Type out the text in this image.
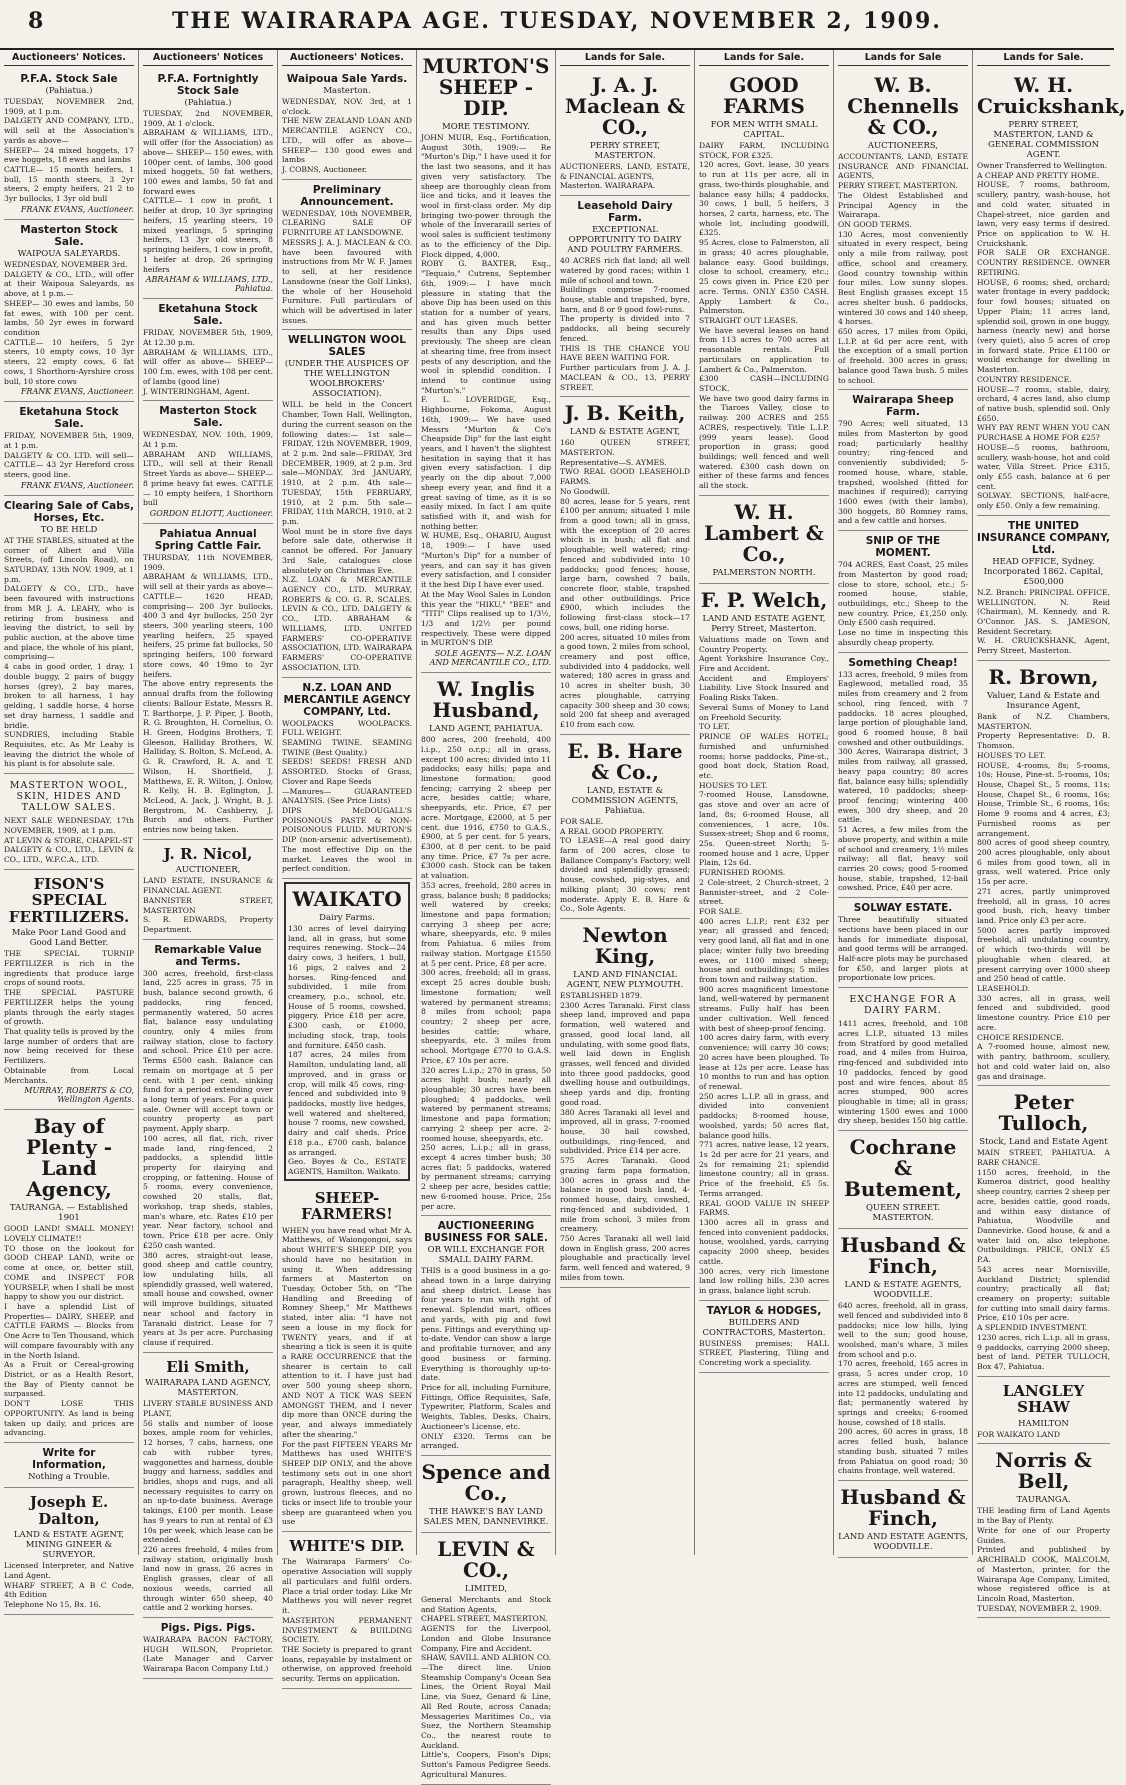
8	THE WAIRARAPA AGE. TUESDAY, NOVEMBER 2, 1909.
Auctioneers' Notices.
P.F.A. Stock Sale
(Pahiatua.)

TUESDAY, NOVEMBER 2nd, 1909, at 1 p.m.

DALGETY AND COMPANY, LTD., will sell at the Association's yards as above—

SHEEP— 24 mixed hoggets, 17 ewe hoggets, 18 ewes and lambs

CATTLE— 15 month heifers, 1 bull, 15 month steers, 3 2yr steers, 2 empty heifers, 21 2 to 3yr bullocks, 1 3yr old bull

FRANK EVANS, Auctioneer.
Masterton Stock Sale.
WAIPOUA SALEYARDS.

WEDNESDAY, NOVEMBER 3rd.

DALGETY & CO., LTD., will offer at their Waipoua Saleyards, as above, at 1 p.m.—

SHEEP— 30 ewes and lambs, 50 fat ewes, with 100 per cent. lambs, 50 2yr ewes in forward condition

CATTLE— 10 heifers, 5 2yr steers, 10 empty cows, 10 3yr steers, 22 empty cows, 6 fat cows, 1 Shorthorn-Ayrshire cross bull, 10 store cows

FRANK EVANS, Auctioneer.
Eketahuna Stock Sale.

FRIDAY, NOVEMBER 5th, 1909, at 1 p.m.

DALGETY & CO. LTD. will sell— CATTLE— 43 2yr Hereford cross steers, good line.

FRANK EVANS, Auctioneer.
Clearing Sale of Cabs, Horses, Etc.
TO BE HELD

AT THE STABLES, situated at the corner of Albert and Villa Streets, (off Lincoln Road), on SATURDAY, 13th NOV. 1909, at 1 p.m.

DALGETY & CO., LTD., have been favoured with instructions from MR J. A. LEAHY, who is retiring from business and leaving the district, to sell by public auction, at the above time and place, the whole of his plant, comprising—

4 cabs in good order, 1 dray, 1 double buggy, 2 pairs of buggy horses (grey), 2 bay mares, broken to all harness, 1 hay gelding, 1 saddle horse, 4 horse set dray harness, 1 saddle and bridle.

SUNDRIES, including Stable Requisites, etc. As Mr Leahy is leaving the district the whole of his plant is for absolute sale.

MASTERTON WOOL, SKIN, HIDES AND TALLOW SALES.

NEXT SALE WEDNESDAY, 17th NOVEMBER, 1909, at 1 p.m.

AT LEVIN & STORE, CHAPEL-ST

DALGETY & CO., LTD., LEVIN & CO., LTD., W.F.C.A., LTD.

FISON'S SPECIAL FERTILIZERS.
Make Poor Land Good and Good Land Better.

THE SPECIAL TURNIP FERTILIZER is rich in the ingredients that produce large crops of sound roots.

THE SPECIAL PASTURE FERTILIZER helps the young plants through the early stages of growth.

That quality tells is proved by the large number of orders that are now being received for these Fertilizers.

Obtainable from Local Merchants.

MURRAY, ROBERTS & CO, Wellington Agents.
Bay of Plenty - Land Agency,
TAURANGA. — Established 1901

GOOD LAND! SMALL MONEY! LOVELY CLIMATE!!

TO those on the lookout for GOOD CHEAP LAND, write or come at once, or, better still, COME and INSPECT FOR YOURSELF, when I shall be most happy to show you our district.

I have a splendid List of Properties— DAIRY, SHEEP, and CATTLE FARMS — Blocks from One Acre to Ten Thousand, which will compare favourably with any in the North Island.

As a Fruit or Cereal-growing District, or as a Health Resort, the Bay of Plenty cannot be surpassed.

DON'T LOSE THIS OPPORTUNITY. As land is being taken up daily, and prices are advancing.

Write for Information,
Nothing a Trouble.
Joseph E. Dalton,
LAND & ESTATE AGENT, MINING GINEER & SURVEYOR.

Licensed Interpreter, and Native Land Agent.

WHARF STREET, A B C Code, 4th Edition

Telephone No 15, Bx. 16.

Auctioneers' Notices
P.F.A. Fortnightly Stock Sale
(Pahiatua.)

TUESDAY, 2nd NOVEMBER, 1909, At 1 o'clock.

ABRAHAM & WILLIAMS, LTD., will offer (for the Association) as above— SHEEP— 150 ewes, with 100per cent. of lambs, 300 good mixed hoggets, 50 fat wethers, 100 ewes and lambs, 50 fat and forward ewes

CATTLE— 1 cow in profit, 1 heifer at drop, 10 3yr springing heifers, 15 yearling steers, 10 mixed yearlings, 5 springing heifers, 13 3yr old steers, 8 springing heifers, 1 cow in profit, 1 heifer at drop, 26 springing heifers

ABRAHAM & WILLIAMS, LTD., Pahiatua.
Eketahuna Stock Sale.

FRIDAY, NOVEMBER 5th, 1909, At 12.30 p.m.

ABRAHAM & WILLIAMS, LTD., will offer as above— SHEEP— 100 f.m. ewes, with 108 per cent. of lambs (good line)

J. WINTERINGHAM, Agent.

Masterton Stock Sale.

WEDNESDAY, NOV. 10th, 1909, At 1 p.m.

ABRAHAM AND WILLIAMS, LTD., will sell at their Renall Street Yards as above— SHEEP— 8 prime heavy fat ewes. CATTLE— 10 empty heifers, 1 Shorthorn bull

GORDON ELIOTT, Auctioneer.
Pahiatua Annual Spring Cattle Fair.

THURSDAY, 11th NOVEMBER, 1909.

ABRAHAM & WILLIAMS, LTD., will sell at their yards as above— CATTLE— 1620 HEAD, comprising— 200 3yr bullocks, 400 3 and 4yr bullocks, 250 2yr steers, 300 yearling steers, 100 yearling heifers, 25 spayed heifers, 25 prime fat bullocks, 50 springing heifers, 100 forward store cows, 40 19mo to 2yr heifers.

The above entry represents the annual drafts from the following clients: Ballour Estate, Messrs R. T. Barthorpe, J. P. Piper, J. Booth, R. G. Broughton, H. Cornelius, O. H. Green, Hodgins Brothers, T. Gleeson, Halliday Brothers, W. Halliday, S. Bolton, S. McLeod, A. G. R. Crawford, R. A. and T. Wilson, H. Shortfield, J. Matthews, E. R. Wilton, J. Onlow, R. Kelly, H. B. Eglington, J. McLeod, A. Jack, J. Wright, B. J. Bergstrom, M. Cashberry, J. Burch and others. Further entries now being taken.

J. R. Nicol,
AUCTIONEER,

LAND ESTATE, INSURANCE & FINANCIAL AGENT.

BANNISTER STREET, MASTERTON

S. R. EDWARDS, Property Department.

Remarkable Value and Terms.

300 acres, freehold, first-class land, 225 acres in grass, 75 in bush, balance second growth, 6 paddocks, ring fenced, permanently watered, 50 acres flat, balance easy undulating country, only 4 miles from railway station, close to factory and school. Price £10 per acre. Terms £500 cash. Balance can remain on mortgage at 5 per cent. with 1 per cent. sinking fund for a period extending over a long term of years. For a quick sale. Owner will accept town or country property as part payment. Apply sharp.

100 acres, all flat, rich, river made land, ring-fenced, 2 paddocks, a splendid little property for dairying and cropping, or fattening. House of 5 rooms, every convenience, cowshed 20 stalls, flat, workshop, trap sheds, stables, man's whare, etc. Rates £10 per year. Near factory, school and town. Price £18 per acre. Only £250 cash wanted.

380 acres, straight-out lease, good sheep and cattle country, low undulating hills, all splendidly grassed, well watered, small house and cowshed, owner will improve buildings, situated near school and factory in Taranaki district. Lease for 7 years at 3s per acre. Purchasing clause if required.

Eli Smith,
WAIRARAPA LAND AGENCY, MASTERTON.

LIVERY STABLE BUSINESS AND PLANT,

56 stalls and number of loose boxes, ample room for vehicles, 12 horses, 7 cabs, harness, one cab with rubber tyres, waggonettes and harness, double buggy and harness, saddles and bridles, shops and rugs, and all necessary requisites to carry on an up-to-date business. Average takings, £100 per month. Lease has 9 years to run at rental of £3 10s per week, which lease can be extended.

226 acres freehold, 4 miles from railway station, originally bush land now in grass, 26 acres in English grasses, clear of all noxious weeds, carried all through winter 650 sheep, 40 cattle and 2 working horses.

Pigs. Pigs. Pigs.

WAIRARAPA BACON FACTORY, HUGH WILSON, Proprietor. (Late Manager and Carver Wairarapa Bacon Company Ltd.)

Auctioneers' Notices.
Waipoua Sale Yards.
Masterton.

WEDNESDAY, NOV. 3rd, at 1 o'clock.

THE NEW ZEALAND LOAN AND MERCANTILE AGENCY CO., LTD., will offer as above— SHEEP— 130 good ewes and lambs

J. COBNS, Auctioneer.

Preliminary Announcement.

WEDNESDAY, 10th NOVEMBER, CLEARING SALE OF FURNITURE AT LANSDOWNE.

MESSRS J. A. J. MACLEAN & CO. have been favoured with instructions from Mr W. F. James to sell, at her residence Lansdowne (near the Golf Links), the whole of her Household Furniture. Full particulars of which will be advertised in later issues.

WELLINGTON WOOL SALES
(UNDER THE AUSPICES OF THE WELLINGTON WOOLBROKERS' ASSOCIATION).

WILL be held in the Concert Chamber, Town Hall, Wellington, during the current season on the following dates:— 1st sale—FRIDAY, 12th NOVEMBER, 1909, at 2 p.m. 2nd sale—FRIDAY, 3rd DECEMBER, 1909, at 2 p.m. 3rd sale—MONDAY, 3rd JANUARY, 1910, at 2 p.m. 4th sale—TUESDAY, 15th FEBRUARY, 1910, at 2 p.m. 5th sale—FRIDAY, 11th MARCH, 1910, at 2 p.m.

Wool must be in store five days before sale date, otherwise it cannot be offered. For January 3rd Sale, catalogues close absolutely on Christmas Eve.

N.Z. LOAN & MERCANTILE AGENCY CO., LTD. MURRAY, ROBERTS & CO. G. R. SCALES. LEVIN & CO., LTD. DALGETY & CO., LTD. ABRAHAM & WILLIAMS, LTD. UNITED FARMERS' CO-OPERATIVE ASSOCIATION, LTD. WAIRARAPA FARMERS' CO-OPERATIVE ASSOCIATION, LTD.

N.Z. LOAN AND MERCANTILE AGENCY COMPANY, Ltd.

WOOLPACKS WOOLPACKS. FULL WEIGHT.

SEAMING TWINE. SEAMING TWINE (Best Quality.)

SEEDS! SEEDS! FRESH AND ASSORTED. Stocks of Grass, Clover and Rape Seeds

—Manures— GUARANTEED ANALYSIS. (See Price Lists)

DIPS McDOUGALL'S POISONOUS PASTE & NON-POISONOUS FLUID. MURTON'S DIP (non-arsenic advertisement). The most effective Dip on the market. Leaves the wool in perfect condition.

WAIKATO
Dairy Farms.

130 acres of level dairying land, all in grass, but some requires renewing. Stock—24 dairy cows, 3 heifers, 1 bull, 16 pigs, 2 calves and 2 horses. Ring-fenced and subdivided, 1 mile from creamery, p.o., school, etc. House of 5 rooms, cowshed, piggery. Price £18 per acre, £300 cash, or £1000, including stock, trap, tools and furniture. £450 cash.

187 acres, 24 miles from Hamilton, undulating land, all improved, and in grass or crop, will milk 45 cows, ring-fenced and subdivided into 9 paddocks, mostly live hedges, well watered and sheltered, house 7 rooms, new cowshed, dairy and calf sheds. Price £18 p.a., £700 cash, balance as arranged.

Geo. Boyes & Co., ESTATE AGENTS, Hamilton. Waikato.

SHEEP-FARMERS!

WHEN you have read what Mr A. Matthews, of Waiongongoi, says about WHITE'S SHEEP DIP, you should have no hesitation in using it. When addressing farmers at Masterton on Tuesday, October 5th, on "The Handling and Breeding of Romney Sheep," Mr Matthews stated, inter alia: "I have not seen a louse in my flock for TWENTY years, and if at shearing a tick is seen it is quite a RARE OCCURRENCE that the shearer is certain to call attention to it. I have just had over 500 young sheep shorn, AND NOT A TICK WAS SEEN AMONGST THEM, and I never dip more than ONCE during the year, and always immediately after the shearing."

For the past FIFTEEN YEARS Mr Matthews has used WHITE'S SHEEP DIP ONLY, and the above testimony sets out in one short paragraph, Healthy sheep, well grown, lustrous fleeces, and no ticks or insect life to trouble your sheep are guaranteed when you use

WHITE'S DIP.

The Wairarapa Farmers' Co-operative Association will supply all particulars and fulfil orders. Place a trial order today. Like Mr Matthews you will never regret it.

MASTERTON PERMANENT INVESTMENT & BUILDING SOCIETY.

THE Society is prepared to grant loans, repayable by instalment or otherwise, on approved freehold security. Terms on application.

MURTON'S SHEEP - DIP.
MORE TESTIMONY.

JOHN MUIR, Esq., Fortification, August 30th, 1909:— Re "Murton's Dip," I have used it for the last two seasons, and it has given very satisfactory. The sheep are thoroughly clean from lice and ticks, and it leaves the wool in first-class order. My dip bringing two-power through the whole of the Inveraraill series of wool sales is sufficient testimony as to the efficiency of the Dip. Flock dipped, 4,000.

ROBY G. BAXTER, Esq., "Tequaio," Cutrens, September 6th, 1909:— I have much pleasure in stating that the above Dip has been used on this station for a number of years, and has given much better results than any Dips used previously. The sheep are clean at shearing time, free from insect pests of any description, and the wool in splendid condition. I intend to continue using "Murton's."

F. L. LOVERIDGE, Esq., Highbourne, Fokoma, August 16th, 1909:— We have used Messrs "Murton & Co's Cheapside Dip" for the last eight years, and I haven't the slightest hesitation in saying that it has given every satisfaction. I dip yearly on the dip about 7,000 sheep every year, and find it a great saving of time, as it is so easily mixed. In fact I am quite satisfied with it, and wish for nothing better.

W. HUME, Esq., OHARIU, August 18, 1909:— I have used "Murton's Dip" for a number of years, and can say it has given every satisfaction, and I consider it the best Dip I have ever used.

At the May Wool Sales in London this year the "HIKU," "BEE" and "TITI" Clips realised up to 1/3½, 1/3 and 1/2½ per pound respectively. These were dipped in MURTON'S DIP.

SOLE AGENTS— N.Z. LOAN AND MERCANTILE CO., LTD.
W. Inglis Husband,
LAND AGENT, PAHIATUA.

800 acres, 200 freehold, 400 l.i.p., 250 o.r.p.; all in grass, except 100 acres; divided into 11 paddocks; easy hills; papa and limestone formation; good fencing; carrying 2 sheep per acre, besides cattle; whare, sheepyards, etc. Price, £7 per acre. Mortgage, £2000, at 5 per cent. due 1916, £750 to G.A.S., £900, at 5 per cent. for 5 years, £300, at 8 per cent. to be paid any time. Price, £7 7s per acre. £3000 cash. Stock can be taken at valuation.

353 acres, freehold, 280 acres in grass, balance bush; 8 paddocks; well watered by creeks; limestone and papa formation; carrying 3 sheep per acre; whare, sheepyards, etc. 9 miles from Pahiatua. 6 miles from railway station. Mortgage £1550 at 5 per cent. Price, £8 per acre.

300 acres, freehold; all in grass, except 25 acres double bush; limestone formation; well watered by permanent streams; 8 miles from school; papa country; 2 sheep per acre, besides cattle; whare, sheepyards, etc. 3 miles from school. Mortgage £770 to G.A.S. Price, £7 10s per acre.

320 acres L.i.p.; 270 in grass, 50 acres light bush; nearly all ploughable; 30 acres have been ploughed; 4 paddocks, well watered by permanent streams; limestone and papa formation; carrying 2 sheep per acre. 2-roomed house, sheepyards, etc.

250 acres, L.i.p.; all in grass, except 4 acres timber bush; 30 acres flat; 5 paddocks, watered by permanent streams; carrying 2 sheep per acre, besides cattle; new 6-roomed house. Price, 25s per acre.

AUCTIONEERING BUSINESS FOR SALE.
OR WILL EXCHANGE FOR SMALL DAIRY FARM.

THIS is a good business in a go-ahead town in a large dairying and sheep district. Lease has four years to run with right of renewal. Splendid mart, offices and yards, with pig and fowl pens. Fittings and everything up-to-date. Vendor can show a large and profitable turnover, and any good business or farming. Everything is thoroughly up-to-date.

Price for all, including Furniture, Fittings, Office Requisites, Safe, Typewriter, Platform, Scales and Weights, Tables, Desks, Chairs, Auctioneer's License, etc.

ONLY £320. Terms can be arranged.

Spence and Co.,
THE HAWKE'S BAY LAND SALES MEN, DANNEVIRKE.
LEVIN & CO.,
LIMITED,

General Merchants and Stock and Station Agents,

CHAPEL STREET, MASTERTON.

AGENTS for the Liverpool, London and Globe Insurance Company, Fire and Accident.

SHAW, SAVILL AND ALBION CO.—The direct line. Union Steamship Company's Ocean Sea Lines, the Orient Royal Mail Line, via Suez, Genard & Line, All Red Route, across Canada; Messageries Maritimes Co., via Suez, the Northern Steamship Co., the nearest route to Auckland.

Little's, Coopers, Fison's Dips; Sutton's Famous Pedigree Seeds. Agricultural Manures.

Lands for Sale.
J. A. J. Maclean & CO.,
PERRY STREET, MASTERTON.

AUCTIONEERS, LAND, ESTATE, & FINANCIAL AGENTS,

Masterton. WAIRARAPA.

Leasehold Dairy Farm.
EXCEPTIONAL OPPORTUNITY TO DAIRY AND POULTRY FARMERS.

40 ACRES rich flat land; all well watered by good races; within 1 mile of school and town.

Buildings comprise 7-roomed house, stable and trapshed, byre, barn, and 8 or 9 good fowl-runs.

The property is divided into 7 paddocks, all being securely fenced.

THIS IS THE CHANCE YOU HAVE BEEN WAITING FOR.

Further particulars from J. A. J. MACLEAN & CO., 13, PERRY STREET.

J. B. Keith,
LAND & ESTATE AGENT,

160 QUEEN STREET, MASTERTON.

Representative—S. AYMES.

TWO REAL GOOD LEASEHOLD FARMS.

No Goodwill.

80 acres, lease for 5 years, rent £100 per annum; situated 1 mile from a good town; all in grass, with the exception of 20 acres which is in bush; all flat and ploughable; well watered; ring-fenced and subdivided into 10 paddocks; good fences; house, large barn, cowshed 7 bails, concrete floor, stable, trapshed and other outbuildings. Price £900, which includes the following first-class stock—17 cows, bull, one riding horse.

200 acres, situated 10 miles from a good town, 2 miles from school, creamery and post office, subdivided into 4 paddocks, well watered; 180 acres in grass and 10 acres in shelter bush, 30 acres ploughable, carrying capacity 300 sheep and 30 cows; sold 200 fat sheep and averaged £10 from each cow.

E. B. Hare & Co.,
LAND, ESTATE & COMMISSION AGENTS, Pahiatua.

FOR SALE.

A REAL GOOD PROPERTY.

TO LEASE—A real good dairy farm of 200 acres, close to Ballance Company's Factory; well divided and splendidly grassed; house, cowshed, pig-styes, and milking plant; 30 cows; rent moderate. Apply E. B. Hare & Co., Sole Agents.

Newton King,
LAND AND FINANCIAL AGENT, NEW PLYMOUTH.

ESTABLISHED 1879.

2300 Acres Taranaki. First class sheep land, improved and papa formation, well watered and grassed, good local land, all undulating, with some good flats, well laid down in English grasses, well fenced and divided into three good paddocks, good dwelling house and outbuildings, sheep yards and dip, fronting good road.

380 Acres Taranaki all level and improved, all in grass, 7-roomed house, 30 bail cowshed, outbuildings, ring-fenced, and subdivided. Price £14 per acre.

575 Acres Taranaki. Good grazing farm papa formation, 300 acres in grass and the balance in good bush land, 4-roomed house, dairy, cowshed, ring-fenced and subdivided, 1 mile from school, 3 miles from creamery.

750 Acres Taranaki all well laid down in English grass, 200 acres ploughable and practically level farm, well fenced and watered, 9 miles from town.

Lands for Sale.
GOOD FARMS
FOR MEN WITH SMALL CAPITAL.

DAIRY FARM, INCLUDING STOCK, FOR £325.

120 acres, Govt. lease, 30 years to run at 11s per acre, all in grass, two-thirds ploughable, and balance easy hills; 4 paddocks, 30 cows, 1 bull, 5 heifers, 3 horses, 2 carts, harness, etc. The whole lot, including goodwill, £325.

95 Acres, close to Falmerston, all in grass; 40 acres ploughable, balance easy. Good buildings, close to school, creamery, etc.; 25 cows given in. Price £20 per acre. Terms. ONLY £350 CASH. Apply Lambert & Co., Palmerston.

STRAIGHT OUT LEASES.

We have several leases on hand from 113 acres to 700 acres at reasonable rentals. Full particulars on application to Lambert & Co., Palmerston.

£300 CASH—INCLUDING STOCK.

We have two good dairy farms in the Tiaroes Valley, close to railway. 200 ACRES and 255 ACRES, respectively. Title L.I.P. (999 years lease). Good proportion in grass; good buildings; well fenced and well watered. £300 cash down on either of these farms and fences all the stock.

W. H. Lambert & Co.,
PALMERSTON NORTH.
F. P. Welch,
LAND AND ESTATE AGENT, Perry Street, Masterton.

Valuations made on Town and Country Property.

Agent Yorkshire Insurance Coy., Fire and Accident.

Accident and Employers' Liability. Live Stock Insured and Foaling Risks Taken.

Several Sums of Money to Land on Freehold Security.

TO LET.

PRINCE OF WALES HOTEL; furnished and unfurnished rooms; horse paddocks, Pine-st., good boat dock, Station Road, etc.

HOUSES TO LET.

7-roomed House, Lansdowne, gas stove and over an acre of land, 8s; 6-roomed House, all conveniences, 1 acre, 10s. Sussex-street; Shop and 6 rooms, 25s. Queen-street North; 5-roomed house and 1 acre, Upper Plain, 12s 6d.

FURNISHED ROOMS.

2 Cole-street, 2 Church-street, 2 Bannister-street, and 2 Cole-street.

FOR SALE.

400 acres L.I.P.; rent £32 per year; all grassed and fenced; very good land, all flat and in one place; winter fully two breeding ewes, or 1100 mixed sheep; house and outbuildings; 5 miles from town and railway station.

900 acres magnificent limestone land, well-watered by permanent streams. Fully half has been under cultivation. Well fenced with best of sheep-proof fencing.

100 acres dairy farm, with every convenience; will carry 30 cows; 20 acres have been ploughed. To lease at 12s per acre. Lease has 10 months to run and has option of renewal.

250 acres L.I.P. all in grass, and divided into convenient paddocks; 8-roomed house, woolshed, yards; 50 acres flat, balance good hills.

771 acres, native lease, 12 years, 1s 2d per acre for 21 years, and 2s for remaining 21; splendid limestone country; all in grass. Price of the freehold, £5 5s. Terms arranged.

REAL GOOD VALUE IN SHEEP FARMS.

1300 acres all in grass and fenced into convenient paddocks, house, woolshed, yards, carrying capacity 2000 sheep, besides cattle.

300 acres, very rich limestone land low rolling hills, 230 acres in grass, balance light scrub.

TAYLOR & HODGES,
BUILDERS AND CONTRACTORS, Masterton.

BUSINESS premises; HALL STREET, Plastering, Tiling and Concreting work a speciality.

Lands for Sale
W. B. Chennells & CO.,
AUCTIONEERS,

ACCOUNTANTS, LAND, ESTATE INSURANCE AND FINANCIAL AGENTS,

PERRY STREET, MASTERTON.

The Oldest Established and Principal Agency in the Wairarapa.

ON GOOD TERMS.

130 Acres, most conveniently situated in every respect, being only a mile from railway, post office, school and creamery. Good country township within four miles. Low sunny slopes. Best English grasses except 15 acres shelter bush. 6 paddocks, wintered 30 cows and 140 sheep, 4 horses.

650 acres, 17 miles from Opiki, L.I.P. at 6d per acre rent, with the exception of a small portion of freehold. 300 acres in grass; balance good Tawa bush. 5 miles to school.

Wairarapa Sheep Farm.

790 Acres; well situated, 13 miles from Masterton by good road; particularly healthy country; ring-fenced and conveniently subdivided; 5-roomed house, whare, stable, trapshed, woolshed (fitted for machines if required); carrying 1600 ewes (with their lambs), 300 hoggets, 80 Romney rams, and a few cattle and horses.

SNIP OF THE MOMENT.

704 ACRES, East Coast, 25 miles from Masterton by good road; close to store, school, etc.; 5-roomed house, stable, outbuildings, etc.; Sheep to the new country. Price, £1,250 only. Only £500 cash required.

Lose no time in inspecting this absurdly cheap property.

Something Cheap!

133 acres, freehold, 9 miles from Eaglewood, metalled road, 35 miles from creamery and 2 from school, ring fenced, with 7 paddocks. 18 acres ploughed, large portion of ploughable land, good 6 roomed house, 8 bail cowshed and other outbuildings.

300 Acres, Wairarapa district, 3 miles from railway, all grassed, heavy papa country; 80 acres flat, balance easy hills; splendidly watered, 10 paddocks; sheep-proof fencing; wintering 400 ewes, 300 dry sheep, and 20 cattle.

51 Acres, a few miles from the above property, and within a mile of school and creamery, 1½ miles railway; all flat, heavy soil carries 20 cows; good 5-roomed house, stable, trapshed, 12-bail cowshed. Price, £40 per acre.

SOLWAY ESTATE.

Three beautifully situated sections have been placed in our hands for immediate disposal, and good terms will be arranged. Half-acre plots may be purchased for £50, and larger plots at proportionate low prices.

EXCHANGE FOR A DAIRY FARM.

1411 acres, freehold, and 108 acres L.I.P., situated 13 miles from Stratford by good metalled road, and 4 miles from Huiroa, ring-fenced and subdivided into 10 paddocks, fenced by good post and wire fences, about 85 acres stumped, 900 acres ploughable in time; all in grass; wintering 1500 ewes and 1000 dry sheep, besides 150 big cattle.

Cochrane & Butement,
QUEEN STREET. MASTERTON.
Husband & Finch,
LAND & ESTATE AGENTS, WOODVILLE.

640 acres, freehold, all in grass, well fenced and subdivided into 8 paddocks; nice low hills, lying well to the sun; good house, woolshed, man's whare, 3 miles from school and p.o.

170 acres, freehold, 165 acres in grass, 5 acres under crop, 10 acres are stumped, well fenced into 12 paddocks, undulating and flat; permanently watered by springs and creeks; 6-roomed house, cowshed of 18 stalls.

200 acres, 60 acres in grass, 18 acres felled bush, balance standing bush, situated 7 miles from Pahiatua on good road; 30 chains frontage, well watered.

Husband & Finch,
LAND AND ESTATE AGENTS, WOODVILLE.
Lands for Sale.
W. H. Cruickshank,
PERRY STREET, MASTERTON, LAND & GENERAL COMMISSION AGENT.

Owner Transferred to Wellington.

A CHEAP AND PRETTY HOME.

HOUSE, 7 rooms, bathroom, scullery, pantry, wash-house, hot and cold water, situated in Chapel-street, nice garden and lawn, very easy terms if desired. Price on application to W. H. Cruickshank.

FOR SALE OR EXCHANGE. COUNTRY RESIDENCE. OWNER RETIRING.

HOUSE, 6 rooms; shed, orchard; water frontage in every paddock; four fowl houses; situated on Upper Plain; 11 acres land, splendid soil, grown in one buggy, harness (nearly new) and horse (very quiet), also 5 acres of crop in forward state. Price £1100 or would exchange for dwelling in Masterton.

COUNTRY RESIDENCE.

HOUSE—7 rooms, stable, dairy, orchard, 4 acres land, also clump of native bush, splendid soil. Only £650.

WHY PAY RENT WHEN YOU CAN PURCHASE A HOME FOR £25?

HOUSE—5 rooms, bathroom, scullery, wash-house, hot and cold water, Villa Street. Price £315, only £55 cash, balance at 6 per cent.

SOLWAY. SECTIONS, half-acre, only £50. Only a few remaining.

THE UNITED INSURANCE COMPANY, Ltd.
HEAD OFFICE, Sydney. Incorporated 1862. Capital, £500,000

N.Z. Branch: PRINCIPAL OFFICE, WELLINGTON. N. Reid (Chairman), M. Kennedy, and R. O'Connor. JAS. S. JAMESON, Resident Secretary.

W. H. CRUICKSHANK, Agent, Perry Street, Masterton.

R. Brown,
Valuer, Land & Estate and Insurance Agent,

Bank of N.Z. Chambers, MASTERTON.

Property Representative: D. B. Thomson.

HOUSES TO LET.

HOUSE, 4-rooms, 8s; 5-rooms, 10s; House, Pine-st. 5-rooms, 10s; House, Chapel St., 5 rooms, 11s; House, Chapel St., 6 rooms, 16s; House, Trimble St., 6 rooms, 16s; Home 9 rooms and 4 acres, £3; Furnished rooms as per arrangement.

800 acres of good sheep country, 200 acres ploughable, only about 6 miles from good town, all in grass, well watered. Price only 15s per acre.

271 acres, partly unimproved freehold, all in grass, 10 acres good bush, rich, heavy timber land. Price only £3 per acre.

5000 acres partly improved freehold, all undulating country, of which two-thirds will be ploughable when cleared, at present carrying over 1000 sheep and 250 head of cattle.

LEASEHOLD.

330 acres, all in grass, well fenced and subdivided, good limestone country. Price £10 per acre.

CHOICE RESIDENCE.

A 7-roomed house, almost new, with pantry, bathroom, scullery, hot and cold water laid on, also gas and drainage.

Peter Tulloch,
Stock, Land and Estate Agent

MAIN STREET, PAHIATUA. A RARE CHANCE.

1150 acres, freehold, in the Kumeroa district, good healthy sheep country, carries 2 sheep per acre, besides cattle, good roads, and within easy distance of Pahiatua, Woodville and Dannevirke. Good house, & and a water laid on, also telephone. Outbuildings. PRICE, ONLY £5 P.A.

543 acres near Mornisville, Auckland District; splendid country; practically all flat; creamery on property; suitable for cutting into small dairy farms. Price, £10 10s per acre.

A SPLENDID INVESTMENT.

1230 acres, rich L.i.p. all in grass, 9 paddocks, carrying 2000 sheep, best of land. PETER TULLOCH, Box 47, Pahiatua.

LANGLEY SHAW
HAMILTON

FOR WAIKATO LAND

Norris & Bell,
TAURANGA.

THE leading firm of Land Agents in the Bay of Plenty.

Write for one of our Property Guides.

Printed and published by ARCHIBALD COOK, MALCOLM, of Masterton, printer, for the Wairarapa Age Company, Limited, whose registered office is at Lincoln Road, Masterton.

TUESDAY, NOVEMBER 2, 1909.
